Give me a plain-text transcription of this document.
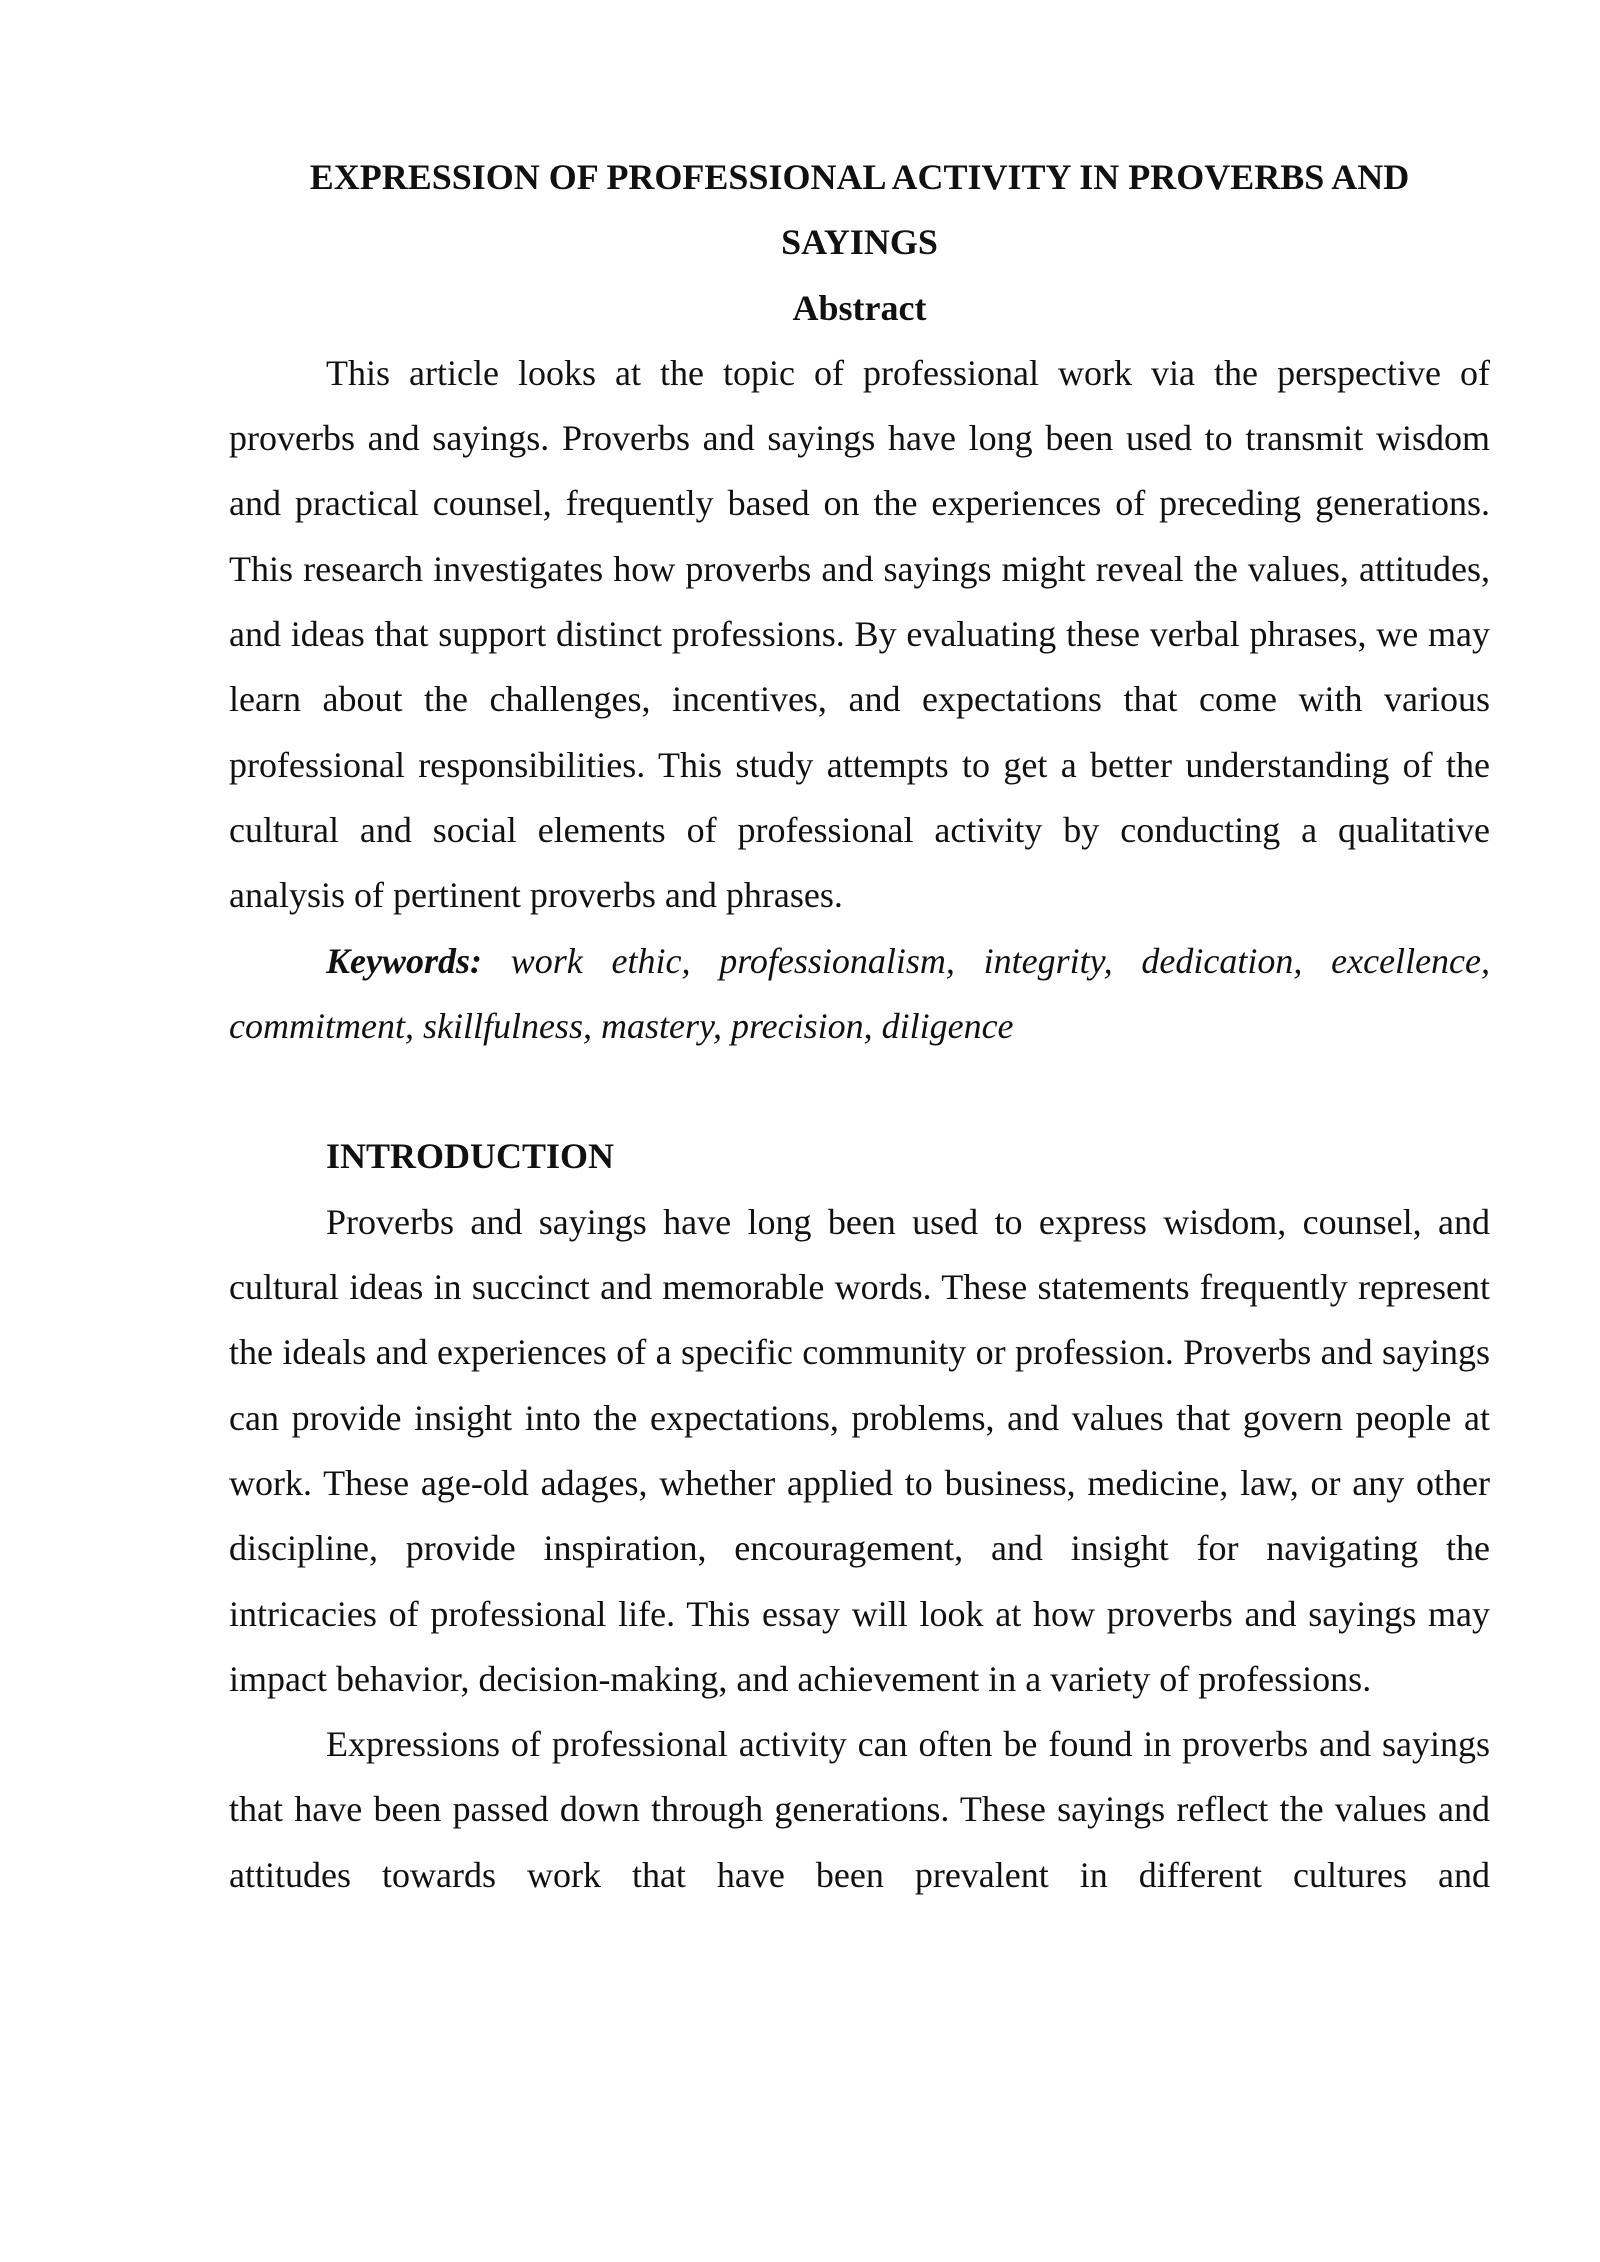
EXPRESSION OF PROFESSIONAL ACTIVITY IN PROVERBS AND SAYINGS
Abstract

This article looks at the topic of professional work via the perspective of proverbs and sayings. Proverbs and sayings have long been used to transmit wisdom and practical counsel, frequently based on the experiences of preceding generations. This research investigates how proverbs and sayings might reveal the values, attitudes, and ideas that support distinct professions. By evaluating these verbal phrases, we may learn about the challenges, incentives, and expectations that come with various professional responsibilities. This study attempts to get a better understanding of the cultural and social elements of professional activity by conducting a qualitative analysis of pertinent proverbs and phrases.

Keywords: work ethic, professionalism, integrity, dedication, excellence, commitment, skillfulness, mastery, precision, diligence

INTRODUCTION

Proverbs and sayings have long been used to express wisdom, counsel, and cultural ideas in succinct and memorable words. These statements frequently represent the ideals and experiences of a specific community or profession. Proverbs and sayings can provide insight into the expectations, problems, and values that govern people at work. These age-old adages, whether applied to business, medicine, law, or any other discipline, provide inspiration, encouragement, and insight for navigating the intricacies of professional life. This essay will look at how proverbs and sayings may impact behavior, decision-making, and achievement in a variety of professions.

Expressions of professional activity can often be found in proverbs and sayings that have been passed down through generations. These sayings reflect the values and attitudes towards work that have been prevalent in different cultures and
